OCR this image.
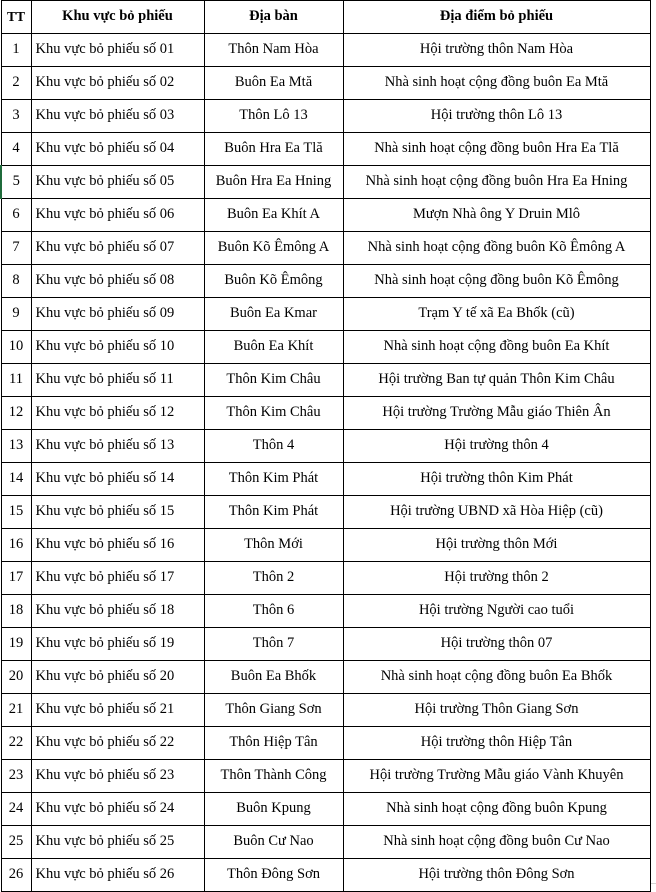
TT	Khu vực bỏ phiếu	Địa bàn	Địa điểm bỏ phiếu
1	Khu vực bỏ phiếu số 01	Thôn Nam Hòa	Hội trường thôn Nam Hòa
2	Khu vực bỏ phiếu số 02	Buôn Ea Mtă	Nhà sinh hoạt cộng đồng buôn Ea Mtă
3	Khu vực bỏ phiếu số 03	Thôn Lô 13	Hội trường thôn Lô 13
4	Khu vực bỏ phiếu số 04	Buôn Hra Ea Tlă	Nhà sinh hoạt cộng đồng buôn Hra Ea Tlă
5	Khu vực bỏ phiếu số 05	Buôn Hra Ea Hning	Nhà sinh hoạt cộng đồng buôn Hra Ea Hning
6	Khu vực bỏ phiếu số 06	Buôn Ea Khít A	Mượn Nhà ông Y Druin Mlô
7	Khu vực bỏ phiếu số 07	Buôn Kõ Êmông A	Nhà sinh hoạt cộng đồng buôn Kõ Êmông A
8	Khu vực bỏ phiếu số 08	Buôn Kõ Êmông	Nhà sinh hoạt cộng đồng buôn Kõ Êmông
9	Khu vực bỏ phiếu số 09	Buôn Ea Kmar	Trạm Y tế xã Ea Bhốk (cũ)
10	Khu vực bỏ phiếu số 10	Buôn Ea Khít	Nhà sinh hoạt cộng đồng buôn Ea Khít
11	Khu vực bỏ phiếu số 11	Thôn Kim Châu	Hội trường Ban tự quản Thôn Kim Châu
12	Khu vực bỏ phiếu số 12	Thôn Kim Châu	Hội trường Trường Mẫu giáo Thiên Ân
13	Khu vực bỏ phiếu số 13	Thôn 4	Hội trường thôn 4
14	Khu vực bỏ phiếu số 14	Thôn Kim Phát	Hội trường thôn Kim Phát
15	Khu vực bỏ phiếu số 15	Thôn Kim Phát	Hội trường UBND xã Hòa Hiệp (cũ)
16	Khu vực bỏ phiếu số 16	Thôn Mới	Hội trường thôn Mới
17	Khu vực bỏ phiếu số 17	Thôn 2	Hội trường thôn 2
18	Khu vực bỏ phiếu số 18	Thôn 6	Hội trường Người cao tuổi
19	Khu vực bỏ phiếu số 19	Thôn 7	Hội trường thôn 07
20	Khu vực bỏ phiếu số 20	Buôn Ea Bhốk	Nhà sinh hoạt cộng đồng buôn Ea Bhốk
21	Khu vực bỏ phiếu số 21	Thôn Giang Sơn	Hội trường Thôn Giang Sơn
22	Khu vực bỏ phiếu số 22	Thôn Hiệp Tân	Hội trường thôn Hiệp Tân
23	Khu vực bỏ phiếu số 23	Thôn Thành Công	Hội trường Trường Mẫu giáo Vành Khuyên
24	Khu vực bỏ phiếu số 24	Buôn Kpung	Nhà sinh hoạt cộng đồng buôn Kpung
25	Khu vực bỏ phiếu số 25	Buôn Cư Nao	Nhà sinh hoạt cộng đồng buôn Cư Nao
26	Khu vực bỏ phiếu số 26	Thôn Đông Sơn	Hội trường thôn Đông Sơn
